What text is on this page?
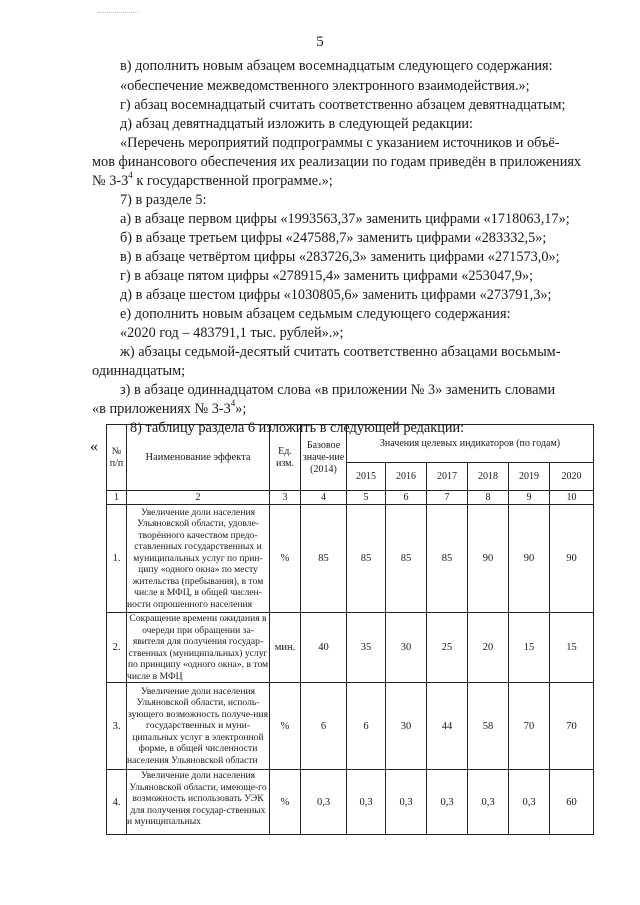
5
в) дополнить новым абзацем восемнадцатым следующего содержания:
«обеспечение межведомственного электронного взаимодействия.»;
г) абзац восемнадцатый считать соответственно абзацем девятнадцатым;
д) абзац девятнадцатый изложить в следующей редакции:
«Перечень мероприятий подпрограммы с указанием источников и объё-
мов финансового обеспечения их реализации по годам приведён в приложениях
№ $3-3^4$ к государственной программе.»;
7) в разделе 5:
а) в абзаце первом цифры «1993563,37» заменить цифрами «1718063,17»;
б) в абзаце третьем цифры «247588,7» заменить цифрами «283332,5»;
в) в абзаце четвёртом цифры «283726,3» заменить цифрами «271573,0»;
г) в абзаце пятом цифры «278915,4» заменить цифрами «253047,9»;
д) в абзаце шестом цифры «1030805,6» заменить цифрами «273791,3»;
е) дополнить новым абзацем седьмым следующего содержания:
«2020 год – 483791,1 тыс. рублей».»;
ж) абзацы седьмой-десятый считать соответственно абзацами восьмым-
одиннадцатым;
з) в абзаце одиннадцатом слова «в приложении № 3» заменить словами
«в приложениях № $3-3^4$»;
8) таблицу раздела 6 изложить в следующей редакции:
« № п/п	Наименование эффекта	Ед. изм.	Базовое значе-ние (2014)	Значения целевых индикаторов (по годам)					
				2015	2016	2017	2018	2019	2020
1	2	3	4	5	6	7	8	9	10
1.	Увеличение доли населения Ульяновской области, удовле-творённого качеством предо-ставленных государственных и муниципальных услуг по прин-ципу «одного окна» по месту жительства (пребывания), в том числе в МФЦ, в общей числен-ности опрошенного населения	%	85	85	85	85	90	90	90
2.	Сокращение времени ожидания в очереди при обращении за-явителя для получения государ-ственных (муниципальных) услуг по принципу «одного окна», в том числе в МФЦ	мин.	40	35	30	25	20	15	15
3.	Увеличение доли населения Ульяновской области, исполь-зующего возможность получе-ния государственных и муни-ципальных услуг в электронной форме, в общей численности населения Ульяновской области	%	6	6	30	44	58	70	70
4.	Увеличение доли населения Ульяновской области, имеюще-го возможность использовать УЭК для получения государ-ственных и муниципальных	%	0,3	0,3	0,3	0,3	0,3	0,3	60
